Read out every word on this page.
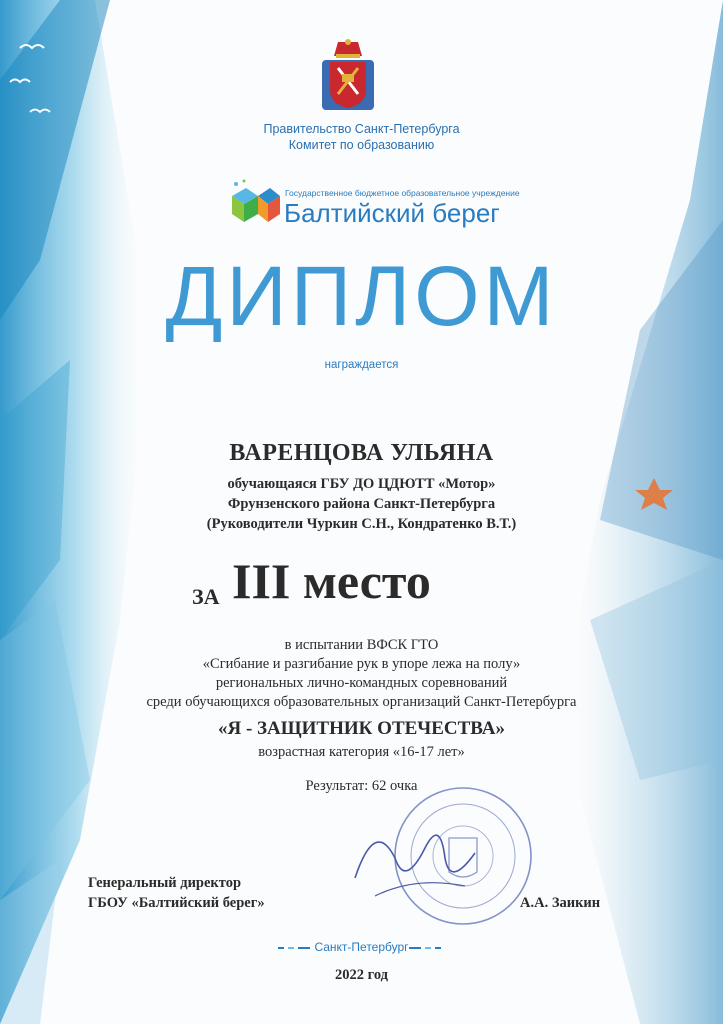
Правительство Санкт-Петербурга
Комитет по образованию
Государственное бюджетное образовательное учреждение
Балтийский берег
ДИПЛОМ
награждается
ВАРЕНЦОВА УЛЬЯНА
обучающаяся ГБУ ДО ЦДЮТТ «Мотор»
Фрунзенского района Санкт-Петербурга
(Руководители Чуркин С.Н., Кондратенко В.Т.)
ЗА III место
в испытании ВФСК ГТО
«Сгибание и разгибание рук в упоре лежа на полу»
региональных лично-командных соревнований
среди обучающихся образовательных организаций Санкт-Петербурга
«Я - ЗАЩИТНИК ОТЕЧЕСТВА»
возрастная категория «16-17 лет»
Результат: 62 очка
Генеральный директор
ГБОУ «Балтийский берег»	А.А. Заикин
Санкт-Петербург
2022 год
